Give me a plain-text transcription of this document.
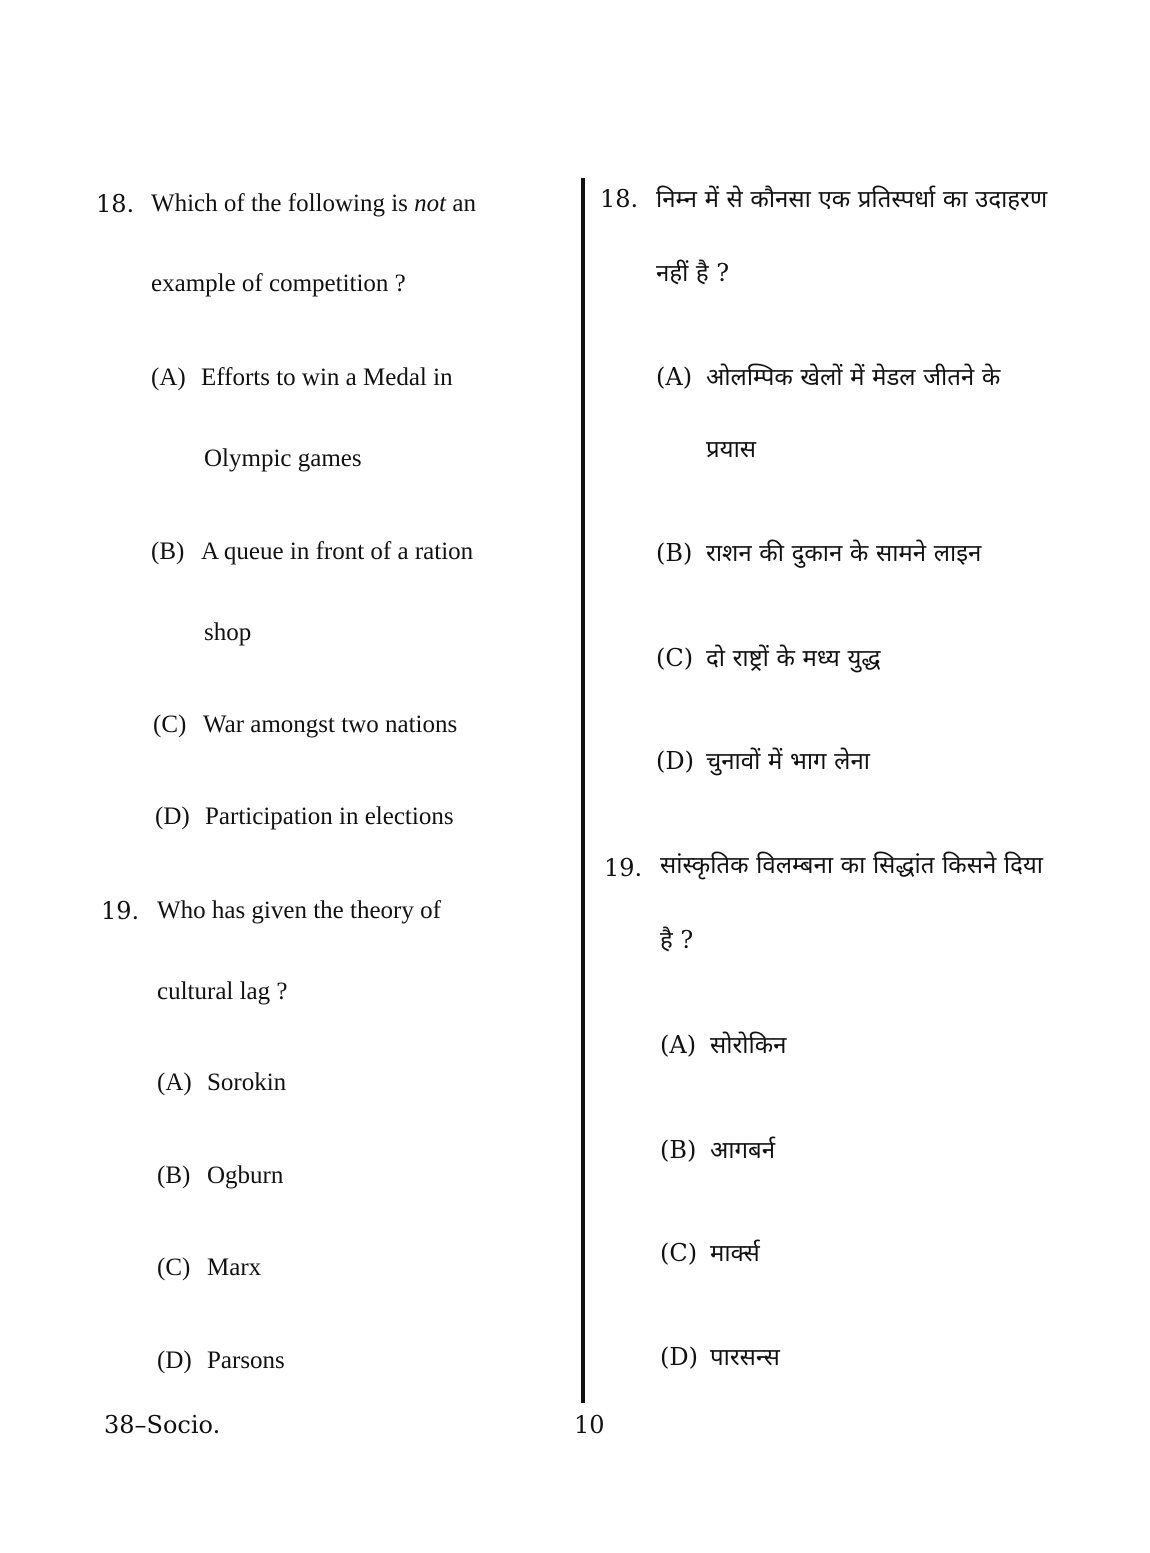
18. Which of the following is not an
example of competition ?
(A) Efforts to win a Medal in
Olympic games
(B) A queue in front of a ration
shop
(C) War amongst two nations
(D) Participation in elections
19. Who has given the theory of
cultural lag ?
(A) Sorokin
(B) Ogburn
(C) Marx
(D) Parsons
38–Socio.
18. निम्न में से कौनसा एक प्रतिस्पर्धा का उदाहरण
नहीं है ?
(A) ओलम्पिक खेलों में मेडल जीतने के
प्रयास
(B) राशन की दुकान के सामने लाइन
(C) दो राष्ट्रों के मध्य युद्ध
(D) चुनावों में भाग लेना
19. सांस्कृतिक विलम्बना का सिद्धांत किसने दिया
है ?
(A) सोरोकिन
(B) आगबर्न
(C) मार्क्स
(D) पारसन्स
10
